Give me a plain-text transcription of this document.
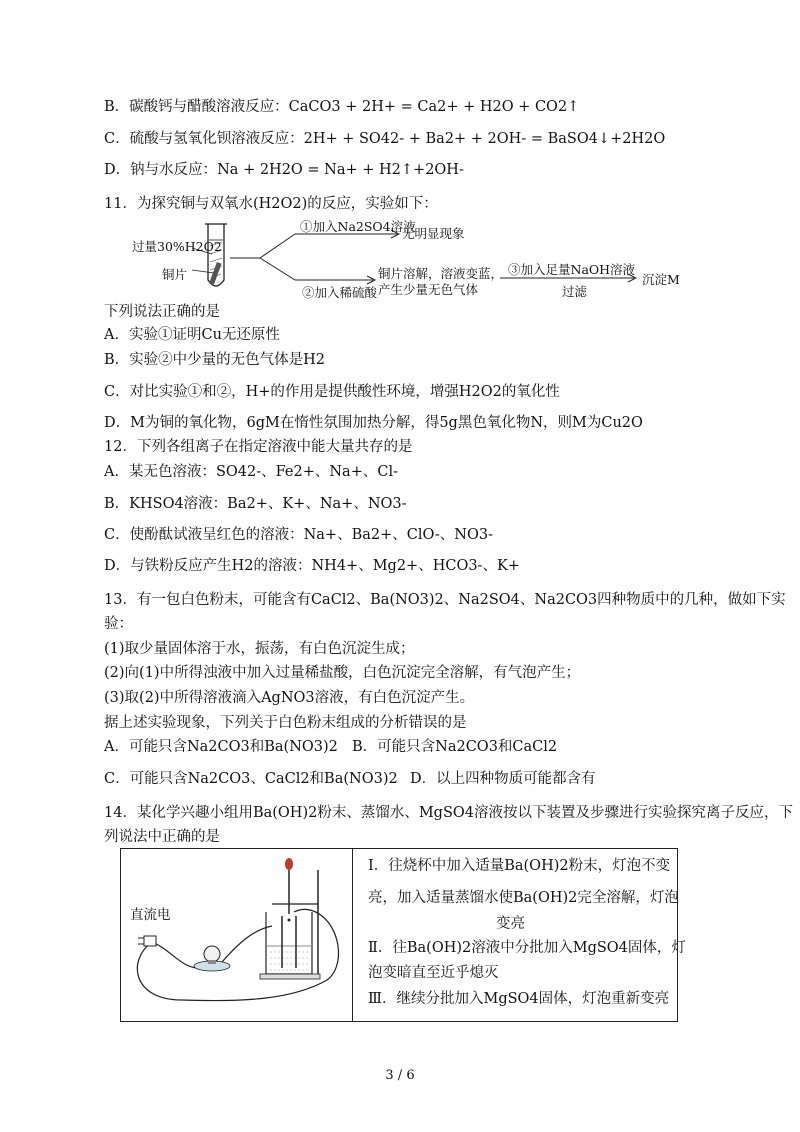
B．碳酸钙与醋酸溶液反应：CaCO3 + 2H+ = Ca2+ + H2O + CO2↑
C．硫酸与氢氧化钡溶液反应：2H+ + SO42- + Ba2+ + 2OH- = BaSO4↓+2H2O
D．钠与水反应：Na + 2H2O = Na+ + H2↑+2OH-
11．为探究铜与双氧水(H2O2)的反应，实验如下：
过量30%H2O2
铜片
①加入Na2SO4溶液
无明显现象
②加入稀硫酸
铜片溶解，溶液变蓝，
产生少量无色气体
③加入足量NaOH溶液
过滤
沉淀M
下列说法正确的是
A．实验①证明Cu无还原性
B．实验②中少量的无色气体是H2
C．对比实验①和②，H+的作用是提供酸性环境，增强H2O2的氧化性
D．M为铜的氧化物，6gM在惰性氛围加热分解，得5g黑色氧化物N，则M为Cu2O
12．下列各组离子在指定溶液中能大量共存的是
A．某无色溶液：SO42-、Fe2+、Na+、Cl-
B．KHSO4溶液：Ba2+、K+、Na+、NO3-
C．使酚酞试液呈红色的溶液：Na+、Ba2+、ClO-、NO3-
D．与铁粉反应产生H2的溶液：NH4+、Mg2+、HCO3-、K+
13．有一包白色粉末，可能含有CaCl2、Ba(NO3)2、Na2SO4、Na2CO3四种物质中的几种，做如下实
验：
(1)取少量固体溶于水，振荡，有白色沉淀生成；
(2)向(1)中所得浊液中加入过量稀盐酸，白色沉淀完全溶解，有气泡产生；
(3)取(2)中所得溶液滴入AgNO3溶液，有白色沉淀产生。
据上述实验现象，下列关于白色粉末组成的分析错误的是
A．可能只含Na2CO3和Ba(NO3)2 B．可能只含Na2CO3和CaCl2
C．可能只含Na2CO3、CaCl2和Ba(NO3)2 D．以上四种物质可能都含有
14．某化学兴趣小组用Ba(OH)2粉末、蒸馏水、MgSO4溶液按以下装置及步骤进行实验探究离子反应，下
列说法中正确的是
直流电
Ⅰ．往烧杯中加入适量Ba(OH)2粉末，灯泡不变
亮，加入适量蒸馏水使Ba(OH)2完全溶解，灯泡
变亮
Ⅱ．往Ba(OH)2溶液中分批加入MgSO4固体，灯
泡变暗直至近乎熄灭
Ⅲ．继续分批加入MgSO4固体，灯泡重新变亮
3 / 6
